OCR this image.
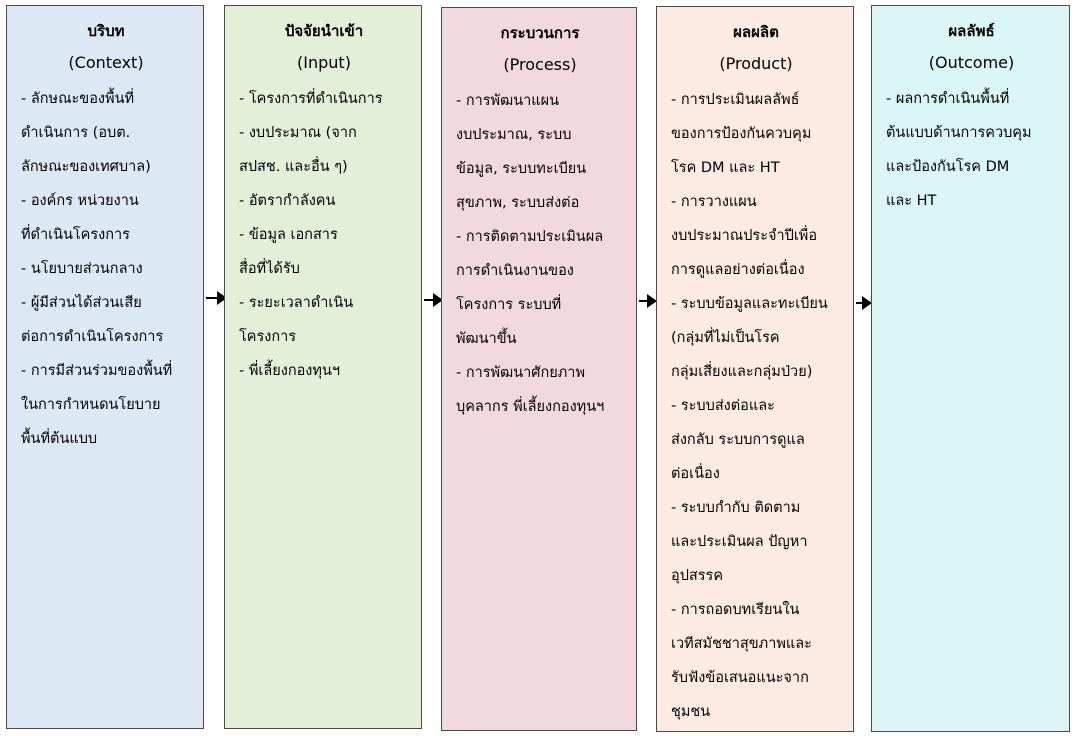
บริบท
(Context)
- ลักษณะของพื้นที่
ดำเนินการ (อบต.
ลักษณะของเทศบาล)
- องค์กร หน่วยงาน
ที่ดำเนินโครงการ
- นโยบายส่วนกลาง
- ผู้มีส่วนได้ส่วนเสีย
ต่อการดำเนินโครงการ
- การมีส่วนร่วมของพื้นที่
ในการกำหนดนโยบาย
พื้นที่ต้นแบบ
ปัจจัยนำเข้า
(Input)
- โครงการที่ดำเนินการ
- งบประมาณ (จาก
สปสช. และอื่น ๆ)
- อัตรากำลังคน
- ข้อมูล เอกสาร
สื่อที่ได้รับ
- ระยะเวลาดำเนิน
โครงการ
- พี่เลี้ยงกองทุนฯ
กระบวนการ
(Process)
- การพัฒนาแผน
งบประมาณ, ระบบ
ข้อมูล, ระบบทะเบียน
สุขภาพ, ระบบส่งต่อ
- การติดตามประเมินผล
การดำเนินงานของ
โครงการ ระบบที่
พัฒนาขึ้น
- การพัฒนาศักยภาพ
บุคลากร พี่เลี้ยงกองทุนฯ
ผลผลิต
(Product)
- การประเมินผลลัพธ์
ของการป้องกันควบคุม
โรค DM และ HT
- การวางแผน
งบประมาณประจำปีเพื่อ
การดูแลอย่างต่อเนื่อง
- ระบบข้อมูลและทะเบียน
(กลุ่มที่ไม่เป็นโรค
กลุ่มเสี่ยงและกลุ่มป่วย)
- ระบบส่งต่อและ
ส่งกลับ ระบบการดูแล
ต่อเนื่อง
- ระบบกำกับ ติดตาม
และประเมินผล ปัญหา
อุปสรรค
- การถอดบทเรียนใน
เวทีสมัชชาสุขภาพและ
รับฟังข้อเสนอแนะจาก
ชุมชน
ผลลัพธ์
(Outcome)
- ผลการดำเนินพื้นที่
ต้นแบบด้านการควบคุม
และป้องกันโรค DM
และ HT
